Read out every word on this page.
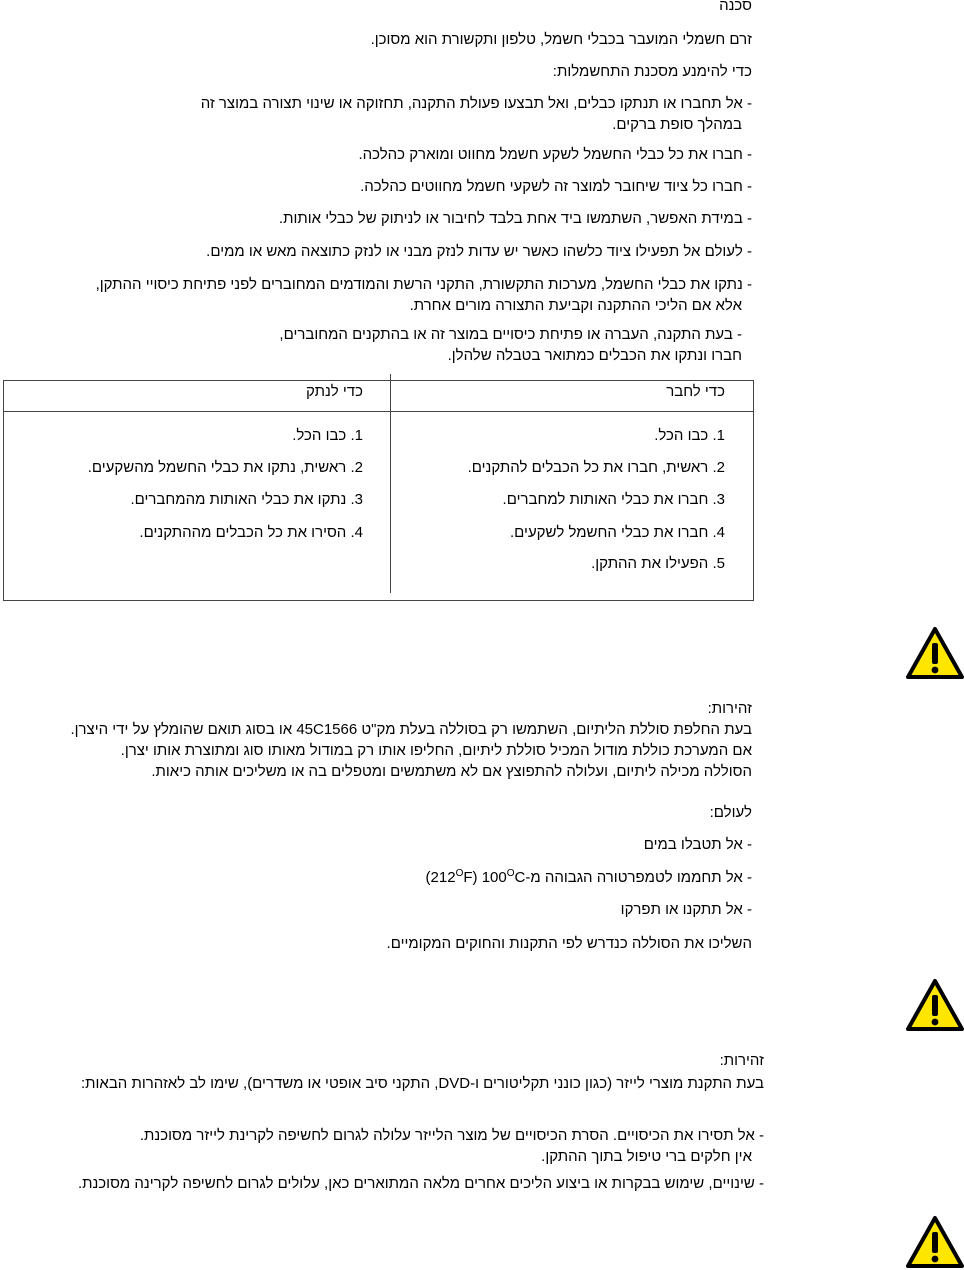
סכנה
זרם חשמלי המועבר בכבלי חשמל, טלפון ותקשורת הוא מסוכן.
כדי להימנע מסכנת התחשמלות:
- אל תחברו או תנתקו כבלים, ואל תבצעו פעולת התקנה, תחזוקה או שינוי תצורה במוצר זה
במהלך סופת ברקים.
- חברו את כל כבלי החשמל לשקע חשמל מחווט ומוארק כהלכה.
- חברו כל ציוד שיחובר למוצר זה לשקעי חשמל מחווטים כהלכה.
- במידת האפשר, השתמשו ביד אחת בלבד לחיבור או לניתוק של כבלי אותות.
- לעולם אל תפעילו ציוד כלשהו כאשר יש עדות לנזק מבני או לנזק כתוצאה מאש או ממים.
- נתקו את כבלי החשמל, מערכות התקשורת, התקני הרשת והמודמים המחוברים לפני פתיחת כיסויי ההתקן,
אלא אם הליכי ההתקנה וקביעת התצורה מורים אחרת.
- בעת התקנה, העברה או פתיחת כיסויים במוצר זה או בהתקנים המחוברים,
חברו ונתקו את הכבלים כמתואר בטבלה שלהלן.
כדי לחבר
כדי לנתק
1. כבו הכל.
2. ראשית, חברו את כל הכבלים להתקנים.
3. חברו את כבלי האותות למחברים.
4. חברו את כבלי החשמל לשקעים.
5. הפעילו את ההתקן.
1. כבו הכל.
2. ראשית, נתקו את כבלי החשמל מהשקעים.
3. נתקו את כבלי האותות מהמחברים.
4. הסירו את כל הכבלים מההתקנים.
זהירות:
בעת החלפת סוללת הליתיום, השתמשו רק בסוללה בעלת מק"ט 45C1566 או בסוג תואם שהומלץ על ידי היצרן.
אם המערכת כוללת מודול המכיל סוללת ליתיום, החליפו אותו רק במודול מאותו סוג ומתוצרת אותו יצרן.
הסוללה מכילה ליתיום, ועלולה להתפוצץ אם לא משתמשים ומטפלים בה או משליכים אותה כיאות.
לעולם:
- אל תטבלו במים
- אל תחממו לטמפרטורה הגבוהה $מ-100^OC$ $(212^OF)$
- אל תתקנו או תפרקו
השליכו את הסוללה כנדרש לפי התקנות והחוקים המקומיים.
זהירות:
בעת התקנת מוצרי לייזר (כגון כונני תקליטורים ו-DVD, התקני סיב אופטי או משדרים), שימו לב לאזהרות הבאות:
- אל תסירו את הכיסויים. הסרת הכיסויים של מוצר הלייזר עלולה לגרום לחשיפה לקרינת לייזר מסוכנת.
אין חלקים ברי טיפול בתוך ההתקן.
- שינויים, שימוש בבקרות או ביצוע הליכים אחרים מלאה המתוארים כאן, עלולים לגרום לחשיפה לקרינה מסוכנת.
